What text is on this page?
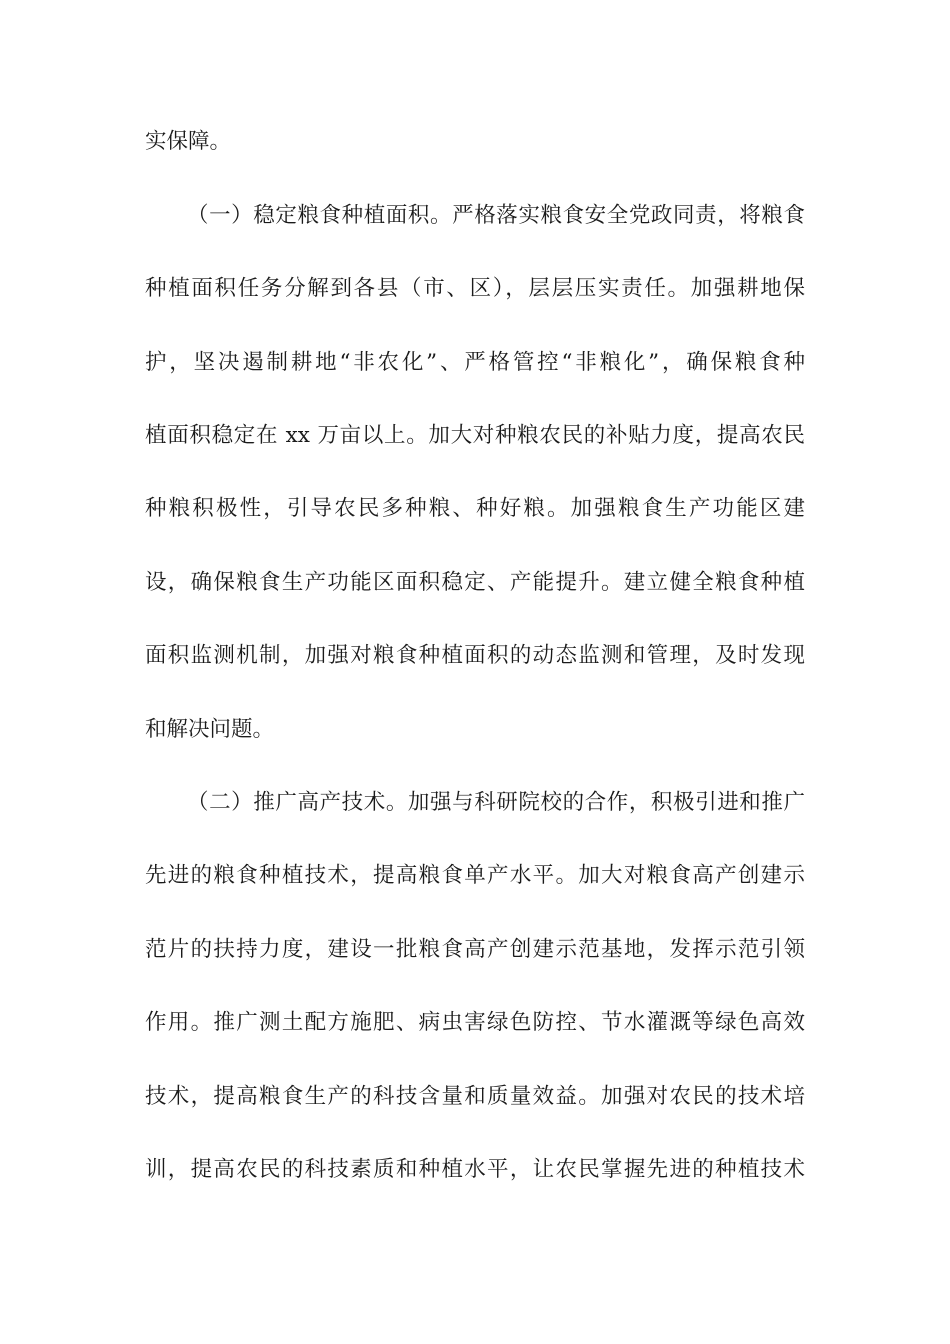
实保障。
（一）稳定粮食种植面积。严格落实粮食安全党政同责，将粮食
种植面积任务分解到各县（市、区），层层压实责任。加强耕地保
护，坚决遏制耕地“非农化”、严格管控“非粮化”，确保粮食种
植面积稳定在 xx 万亩以上。加大对种粮农民的补贴力度，提高农民
种粮积极性，引导农民多种粮、种好粮。加强粮食生产功能区建
设，确保粮食生产功能区面积稳定、产能提升。建立健全粮食种植
面积监测机制，加强对粮食种植面积的动态监测和管理，及时发现
和解决问题。
（二）推广高产技术。加强与科研院校的合作，积极引进和推广
先进的粮食种植技术，提高粮食单产水平。加大对粮食高产创建示
范片的扶持力度，建设一批粮食高产创建示范基地，发挥示范引领
作用。推广测土配方施肥、病虫害绿色防控、节水灌溉等绿色高效
技术，提高粮食生产的科技含量和质量效益。加强对农民的技术培
训，提高农民的科技素质和种植水平，让农民掌握先进的种植技术
